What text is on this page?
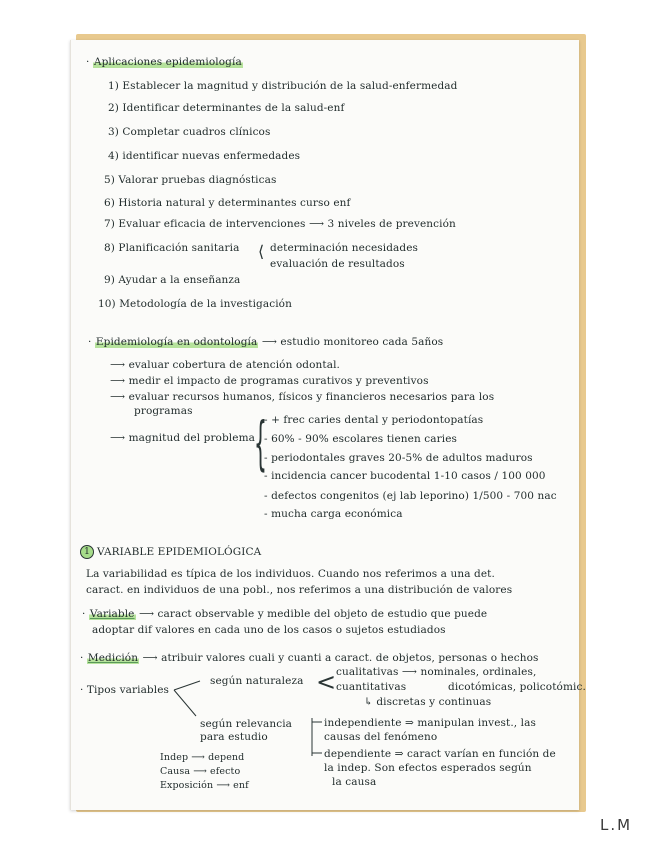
· Aplicaciones epidemiología
1) Establecer la magnitud y distribución de la salud-enfermedad
2) Identificar determinantes de la salud-enf
3) Completar cuadros clínicos
4) identificar nuevas enfermedades
5) Valorar pruebas diagnósticas
6) Historia natural y determinantes curso enf
7) Evaluar eficacia de intervenciones ⟶ 3 niveles de prevención
8) Planificación sanitaria ⟨ determinación necesidades
evaluación de resultados
9) Ayudar a la enseñanza
10) Metodología de la investigación
· Epidemiología en odontología ⟶ estudio monitoreo cada 5años
⟶ evaluar cobertura de atención odontal.
⟶ medir el impacto de programas curativos y preventivos
⟶ evaluar recursos humanos, físicos y financieros necesarios para los
programas
⟶ magnitud del problema {
- + frec caries dental y periodontopatías
- 60% - 90% escolares tienen caries
- periodontales graves 20-5% de adultos maduros
- incidencia cancer bucodental 1-10 casos / 100 000
- defectos congenitos (ej lab leporino) 1/500 - 700 nac
- mucha carga económica
1 VARIABLE EPIDEMIOLÓGICA
La variabilidad es típica de los individuos. Cuando nos referimos a una det.
caract. en individuos de una pobl., nos referimos a una distribución de valores
· Variable ⟶ caract observable y medible del objeto de estudio que puede
adoptar dif valores en cada uno de los casos o sujetos estudiados
· Medición ⟶ atribuir valores cuali y cuanti a caract. de objetos, personas o hechos
· Tipos variables
según naturaleza < cualitativas ⟶ nominales, ordinales,
cuantitativas	dicotómicas, policotómic.
↳ discretas y continuas
según relevancia
para estudio
independiente ⇒ manipulan invest., las
causas del fenómeno
dependiente ⇒ caract varían en función de
la indep. Son efectos esperados según
la causa
Indep ⟶ depend
Causa ⟶ efecto
Exposición ⟶ enf
L.M
